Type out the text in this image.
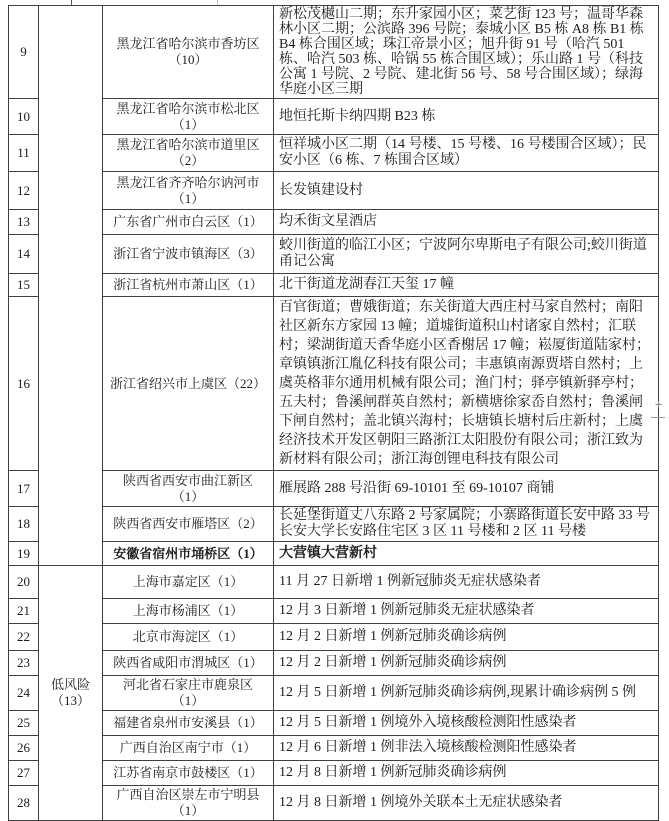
9		黑龙江省哈尔滨市香坊区（10）	新松茂樾山二期；东升家园小区；菜艺街 123 号；温哥华森林小区二期；公滨路 396 号院；泰城小区 B5 栋 A8 栋 B1 栋 B4 栋合围区域；珠江帝景小区；旭升街 91 号（哈汽 501 栋、哈汽 503 栋、哈锅 55 栋合围区域）；乐山路 1 号（科技公寓 1 号院、2 号院、建北街 56 号、58 号合围区域）；绿海华庭小区三期
10		黑龙江省哈尔滨市松北区（1）	地恒托斯卡纳四期 B23 栋
11		黑龙江省哈尔滨市道里区（2）	恒祥城小区二期（14 号楼、15 号楼、16 号楼围合区域）；民安小区（6 栋、7 栋围合区域）
12		黑龙江省齐齐哈尔讷河市（1）	长发镇建设村
13		广东省广州市白云区（1）	均禾街文星酒店
14		浙江省宁波市镇海区（3）	蛟川街道的临江小区；宁波阿尔卑斯电子有限公司;蛟川街道甬记公寓
15		浙江省杭州市萧山区（1）	北干街道龙湖春江天玺 17 幢
16		浙江省绍兴市上虞区（22）	百官街道；曹娥街道；东关街道大西庄村马家自然村；南阳社区新东方家园 13 幢；道墟街道积山村诸家自然村；汇联村；梁湖街道天香华庭小区香榭居 17 幢；崧厦街道陆家村；章镇镇浙江胤亿科技有限公司；丰惠镇南源贾塔自然村；上虞英格菲尔通用机械有限公司；渔门村；驿亭镇新驿亭村；五夫村；鲁溪闸群英自然村；新横塘徐家岙自然村；鲁溪闸下闸自然村；盖北镇兴海村；长塘镇长塘村后庄新村；上虞经济技术开发区朝阳三路浙江太阳股份有限公司；浙江致为新材料有限公司；浙江海创锂电科技有限公司
17		陕西省西安市曲江新区（1）	雁展路 288 号沿街 69-10101 至 69-10107 商铺
18		陕西省西安市雁塔区（2）	长延堡街道丈八东路 2 号家属院；小寨路街道长安中路 33 号长安大学长安路住宅区 3 区 11 号楼和 2 区 11 号楼
19		安徽省宿州市埇桥区（1）	大营镇大营新村
20	低风险（13）	上海市嘉定区（1）	11 月 27 日新增 1 例新冠肺炎无症状感染者
21		上海市杨浦区（1）	12 月 3 日新增 1 例新冠肺炎无症状感染者
22		北京市海淀区（1）	12 月 2 日新增 1 例新冠肺炎确诊病例
23		陕西省咸阳市渭城区（1）	12 月 2 日新增 1 例新冠肺炎确诊病例
24		河北省石家庄市鹿泉区（1）	12 月 5 日新增 1 例新冠肺炎确诊病例,现累计确诊病例 5 例
25		福建省泉州市安溪县（1）	12 月 5 日新增 1 例境外入境核酸检测阳性感染者
26		广西自治区南宁市（1）	12 月 6 日新增 1 例非法入境核酸检测阳性感染者
27		江苏省南京市鼓楼区（1）	12 月 8 日新增 1 例新冠肺炎确诊病例
28		广西自治区崇左市宁明县（1）	12 月 8 日新增 1 例境外关联本土无症状感染者
+
